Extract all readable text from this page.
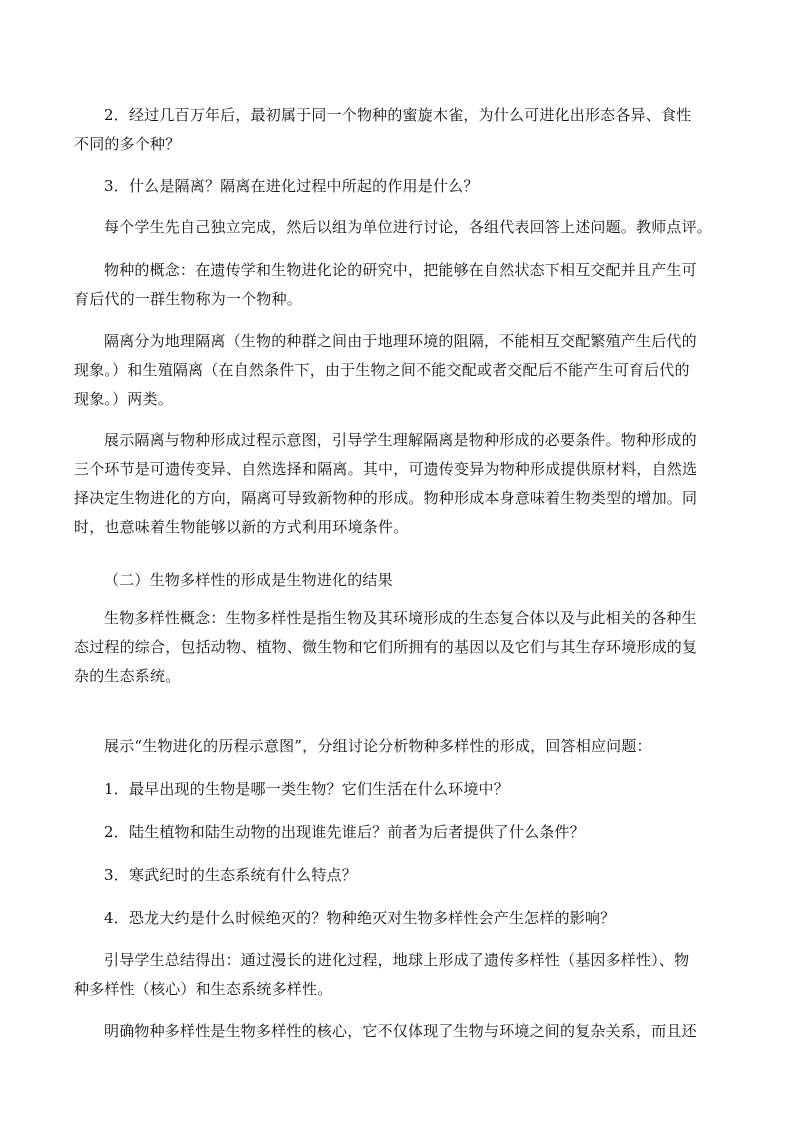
2．经过几百万年后，最初属于同一个物种的蜜旋木雀，为什么可进化出形态各异、食性

不同的多个种？

3．什么是隔离？隔离在进化过程中所起的作用是什么？

每个学生先自己独立完成，然后以组为单位进行讨论，各组代表回答上述问题。教师点评。

物种的概念：在遗传学和生物进化论的研究中，把能够在自然状态下相互交配并且产生可

育后代的一群生物称为一个物种。

隔离分为地理隔离（生物的种群之间由于地理环境的阻隔，不能相互交配繁殖产生后代的

现象。）和生殖隔离（在自然条件下，由于生物之间不能交配或者交配后不能产生可育后代的

现象。）两类。

展示隔离与物种形成过程示意图，引导学生理解隔离是物种形成的必要条件。物种形成的

三个环节是可遗传变异、自然选择和隔离。其中，可遗传变异为物种形成提供原材料，自然选

择决定生物进化的方向，隔离可导致新物种的形成。物种形成本身意味着生物类型的增加。同

时，也意味着生物能够以新的方式利用环境条件。

（二）生物多样性的形成是生物进化的结果

生物多样性概念：生物多样性是指生物及其环境形成的生态复合体以及与此相关的各种生

态过程的综合，包括动物、植物、微生物和它们所拥有的基因以及它们与其生存环境形成的复

杂的生态系统。

展示“生物进化的历程示意图”，分组讨论分析物种多样性的形成，回答相应问题：

1．最早出现的生物是哪一类生物？它们生活在什么环境中？

2．陆生植物和陆生动物的出现谁先谁后？前者为后者提供了什么条件？

3．寒武纪时的生态系统有什么特点？

4．恐龙大约是什么时候绝灭的？物种绝灭对生物多样性会产生怎样的影响？

引导学生总结得出：通过漫长的进化过程，地球上形成了遗传多样性（基因多样性）、物

种多样性（核心）和生态系统多样性。

明确物种多样性是生物多样性的核心，它不仅体现了生物与环境之间的复杂关系，而且还
